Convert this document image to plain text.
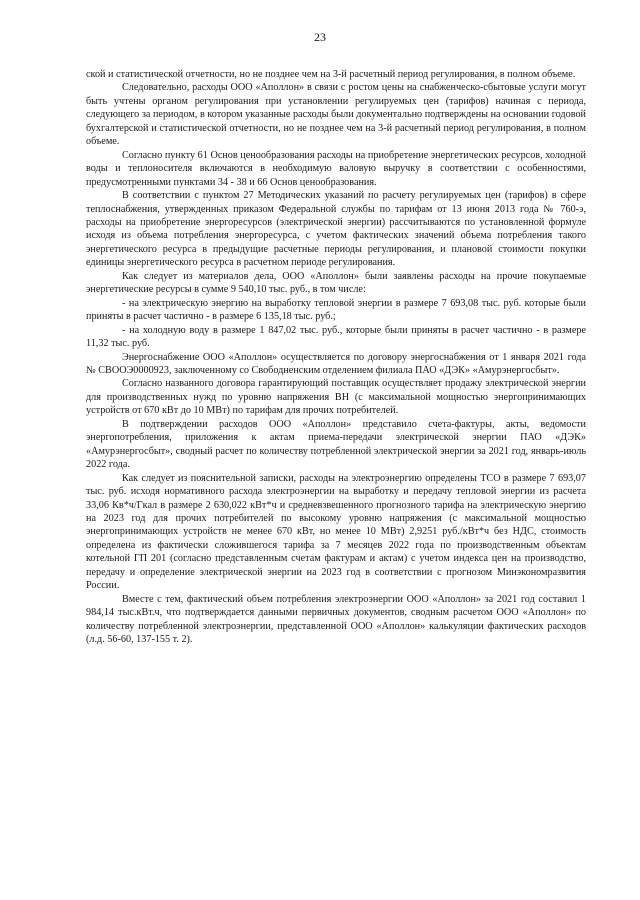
23

ской и статистической отчетности, но не позднее чем на 3-й расчетный период регулирования, в полном объеме.

Следовательно, расходы ООО «Аполлон» в связи с ростом цены на снабженческо-сбытовые услуги могут быть учтены органом регулирования при установлении регулируемых цен (тарифов) начиная с периода, следующего за периодом, в котором указанные расходы были документально подтверждены на основании годовой бухгалтерской и статистической отчетности, но не позднее чем на 3-й расчетный период регулирования, в полном объеме.

Согласно пункту 61 Основ ценообразования расходы на приобретение энергетических ресурсов, холодной воды и теплоносителя включаются в необходимую валовую выручку в соответствии с особенностями, предусмотренными пунктами 34 - 38 и 66 Основ ценообразования.

В соответствии с пунктом 27 Методических указаний по расчету регулируемых цен (тарифов) в сфере теплоснабжения, утвержденных приказом Федеральной службы по тарифам от 13 июня 2013 года № 760-э, расходы на приобретение энергоресурсов (электрической энергии) рассчитываются по установленной формуле исходя из объема потребления энергоресурса, с учетом фактических значений объема потребления такого энергетического ресурса в предыдущие расчетные периоды регулирования, и плановой стоимости покупки единицы энергетического ресурса в расчетном периоде регулирования.

Как следует из материалов дела, ООО «Аполлон» были заявлены расходы на прочие покупаемые энергетические ресурсы в сумме 9 540,10 тыс. руб., в том числе:

- на электрическую энергию на выработку тепловой энергии в размере 7 693,08 тыс. руб. которые были приняты в расчет частично - в размере 6 135,18 тыс. руб.;

- на холодную воду в размере 1 847,02 тыс. руб., которые были приняты в расчет частично - в размере 11,32 тыс. руб.

Энергоснабжение ООО «Аполлон» осуществляется по договору энергоснабжения от 1 января 2021 года № СВООЭ0000923, заключенному со Свободненским отделением филиала ПАО «ДЭК» «Амурэнергосбыт».

Согласно названного договора гарантирующий поставщик осуществляет продажу электрической энергии для производственных нужд по уровню напряжения ВН (с максимальной мощностью энергопринимающих устройств от 670 кВт до 10 МВт) по тарифам для прочих потребителей.

В подтверждении расходов ООО «Аполлон» представило счета-фактуры, акты, ведомости энергопотребления, приложения к актам приема-передачи электрической энергии ПАО «ДЭК» «Амурэнергосбыт», сводный расчет по количеству потребленной электрической энергии за 2021 год, январь-июль 2022 года.

Как следует из пояснительной записки, расходы на электроэнергию определены ТСО в размере 7 693,07 тыс. руб. исходя нормативного расхода электроэнергии на выработку и передачу тепловой энергии из расчета 33,06 Кв*ч/Гкал в размере 2 630,022 кВт*ч и средневзвешенного прогнозного тарифа на электрическую энергию на 2023 год для прочих потребителей по высокому уровню напряжения (с максимальной мощностью энергопринимающих устройств не менее 670 кВт, но менее 10 МВт) 2,9251 руб./кВт*ч без НДС, стоимость определена из фактически сложившегося тарифа за 7 месяцев 2022 года по производственным объектам котельной ГП 201 (согласно представленным счетам фактурам и актам) с учетом индекса цен на производство, передачу и определение электрической энергии на 2023 год в соответствии с прогнозом Минэкономразвития России.

Вместе с тем, фактический объем потребления электроэнергии ООО «Аполлон» за 2021 год составил 1 984,14 тыс.кВт.ч, что подтверждается данными первичных документов, сводным расчетом ООО «Аполлон» по количеству потребленной электроэнергии, представленной ООО «Аполлон» калькуляции фактических расходов (л.д. 56-60, 137-155 т. 2).
